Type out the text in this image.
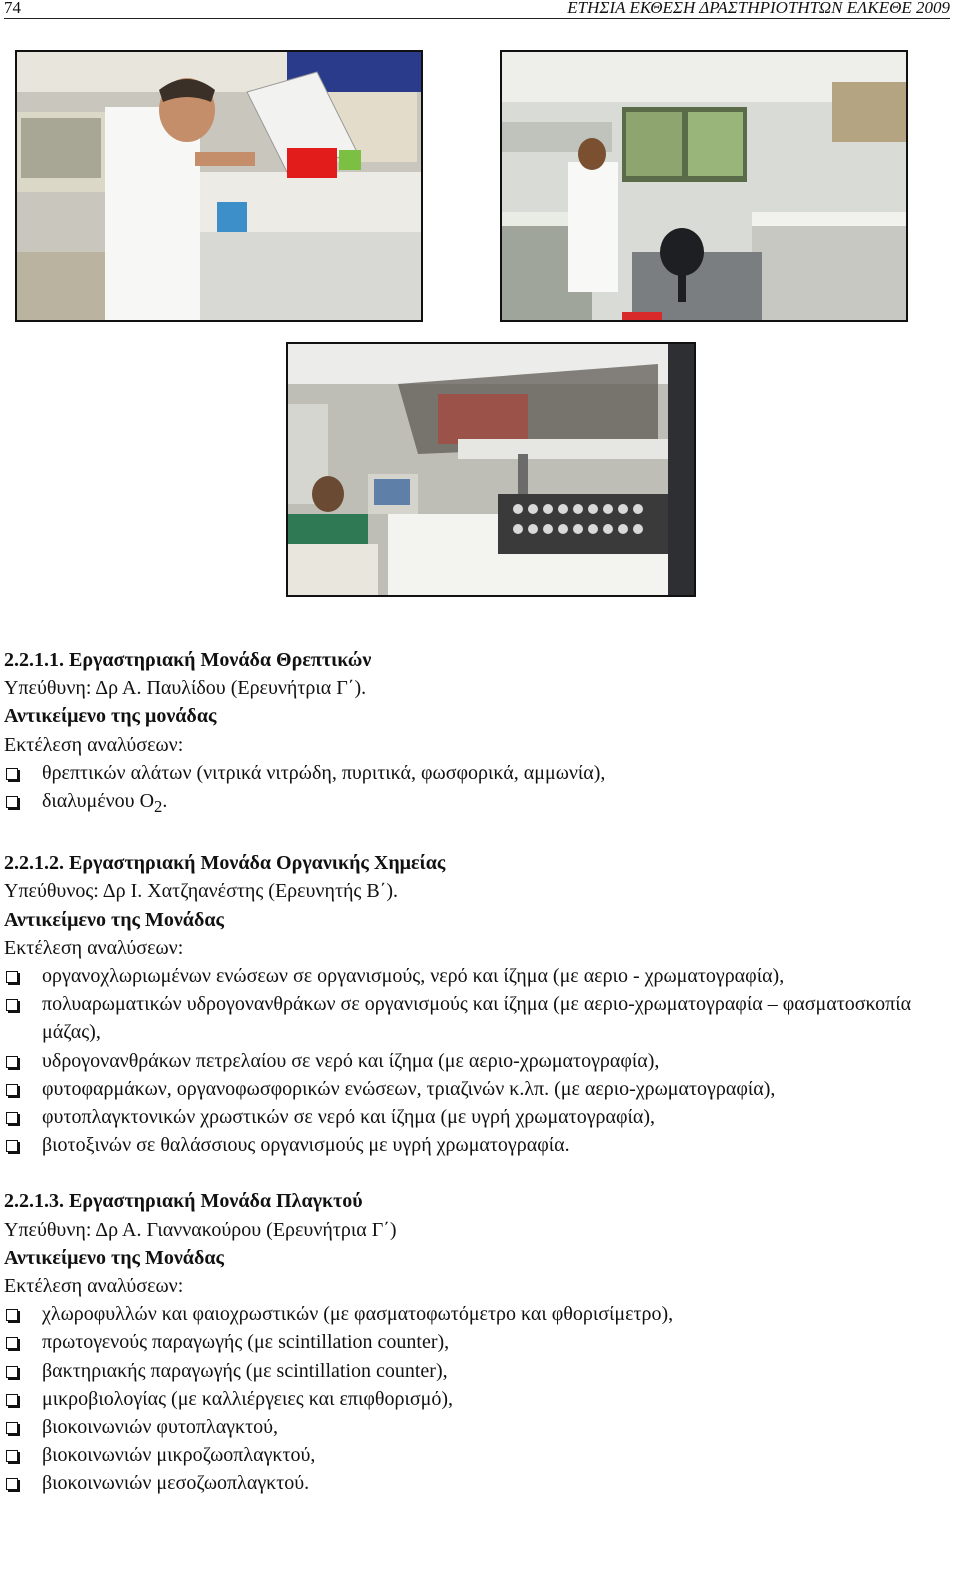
74	ΕΤΗΣΙΑ ΕΚΘΕΣΗ ΔΡΑΣΤΗΡΙΟΤΗΤΩΝ ΕΛΚΕΘΕ 2009

2.2.1.1. Εργαστηριακή Μονάδα Θρεπτικών

Υπεύθυνη: Δρ Α. Παυλίδου (Ερευνήτρια Γ΄).

Αντικείμενο της μονάδας

Εκτέλεση αναλύσεων:

θρεπτικών αλάτων (νιτρικά νιτρώδη, πυριτικά, φωσφορικά, αμμωνία),
διαλυμένου $O_2$.

2.2.1.2. Εργαστηριακή Μονάδα Οργανικής Χημείας

Υπεύθυνος: Δρ Ι. Χατζηανέστης (Ερευνητής Β΄).

Αντικείμενο της Μονάδας

Εκτέλεση αναλύσεων:

οργανοχλωριωμένων ενώσεων σε οργανισμούς, νερό και ίζημα (με αεριο - χρωματογραφία),
πολυαρωματικών υδρογονανθράκων σε οργανισμούς και ίζημα (με αεριο-χρωματογραφία – φασματοσκοπία μάζας),
υδρογονανθράκων πετρελαίου σε νερό και ίζημα (με αεριο-χρωματογραφία),
φυτοφαρμάκων, οργανοφωσφορικών ενώσεων, τριαζινών κ.λπ. (με αεριο-χρωματογραφία),
φυτοπλαγκτονικών χρωστικών σε νερό και ίζημα (με υγρή χρωματογραφία),
βιοτοξινών σε θαλάσσιους οργανισμούς με υγρή χρωματογραφία.

2.2.1.3. Εργαστηριακή Μονάδα Πλαγκτού

Υπεύθυνη: Δρ Α. Γιαννακούρου (Ερευνήτρια Γ΄)

Αντικείμενο της Μονάδας

Εκτέλεση αναλύσεων:

χλωροφυλλών και φαιοχρωστικών (με φασματοφωτόμετρο και φθορισίμετρο),
πρωτογενούς παραγωγής (με scintillation counter),
βακτηριακής παραγωγής (με scintillation counter),
μικροβιολογίας (με καλλιέργειες και επιφθορισμό),
βιοκοινωνιών φυτοπλαγκτού,
βιοκοινωνιών μικροζωοπλαγκτού,
βιοκοινωνιών μεσοζωοπλαγκτού.
